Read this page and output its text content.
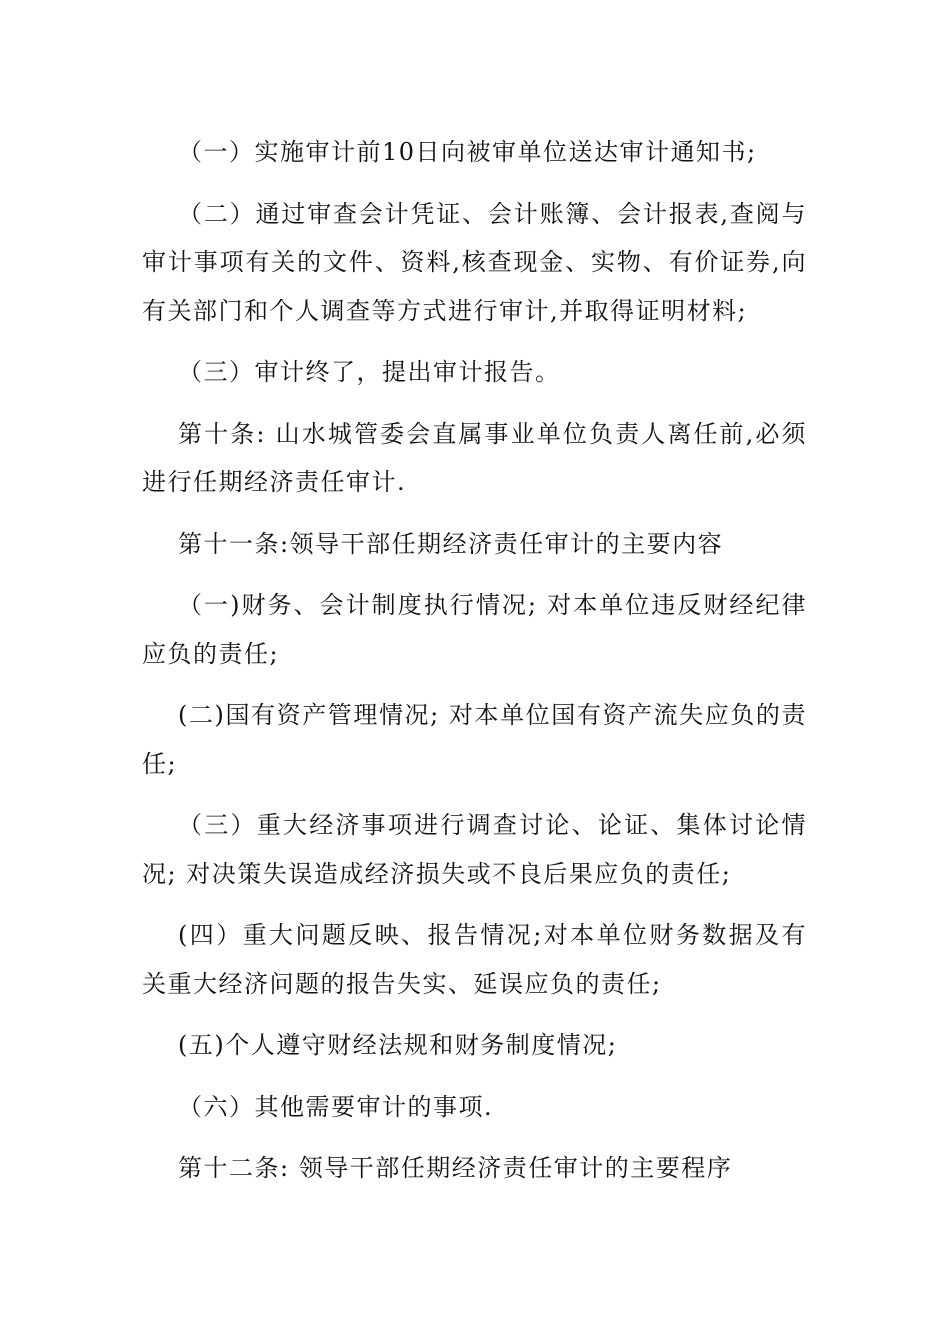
（一）实施审计前10日向被审单位送达审计通知书;

（二）通过审查会计凭证、会计账簿、会计报表,查阅与审计事项有关的文件、资料,核查现金、实物、有价证券,向有关部门和个人调查等方式进行审计,并取得证明材料;

（三）审计终了，提出审计报告。

第十条: 山水城管委会直属事业单位负责人离任前,必须进行任期经济责任审计.

第十一条:领导干部任期经济责任审计的主要内容

（一)财务、会计制度执行情况; 对本单位违反财经纪律应负的责任;

(二)国有资产管理情况; 对本单位国有资产流失应负的责任;

（三）重大经济事项进行调查讨论、论证、集体讨论情况; 对决策失误造成经济损失或不良后果应负的责任;

(四）重大问题反映、报告情况;对本单位财务数据及有关重大经济问题的报告失实、延误应负的责任;

(五)个人遵守财经法规和财务制度情况;

（六）其他需要审计的事项.

第十二条: 领导干部任期经济责任审计的主要程序
